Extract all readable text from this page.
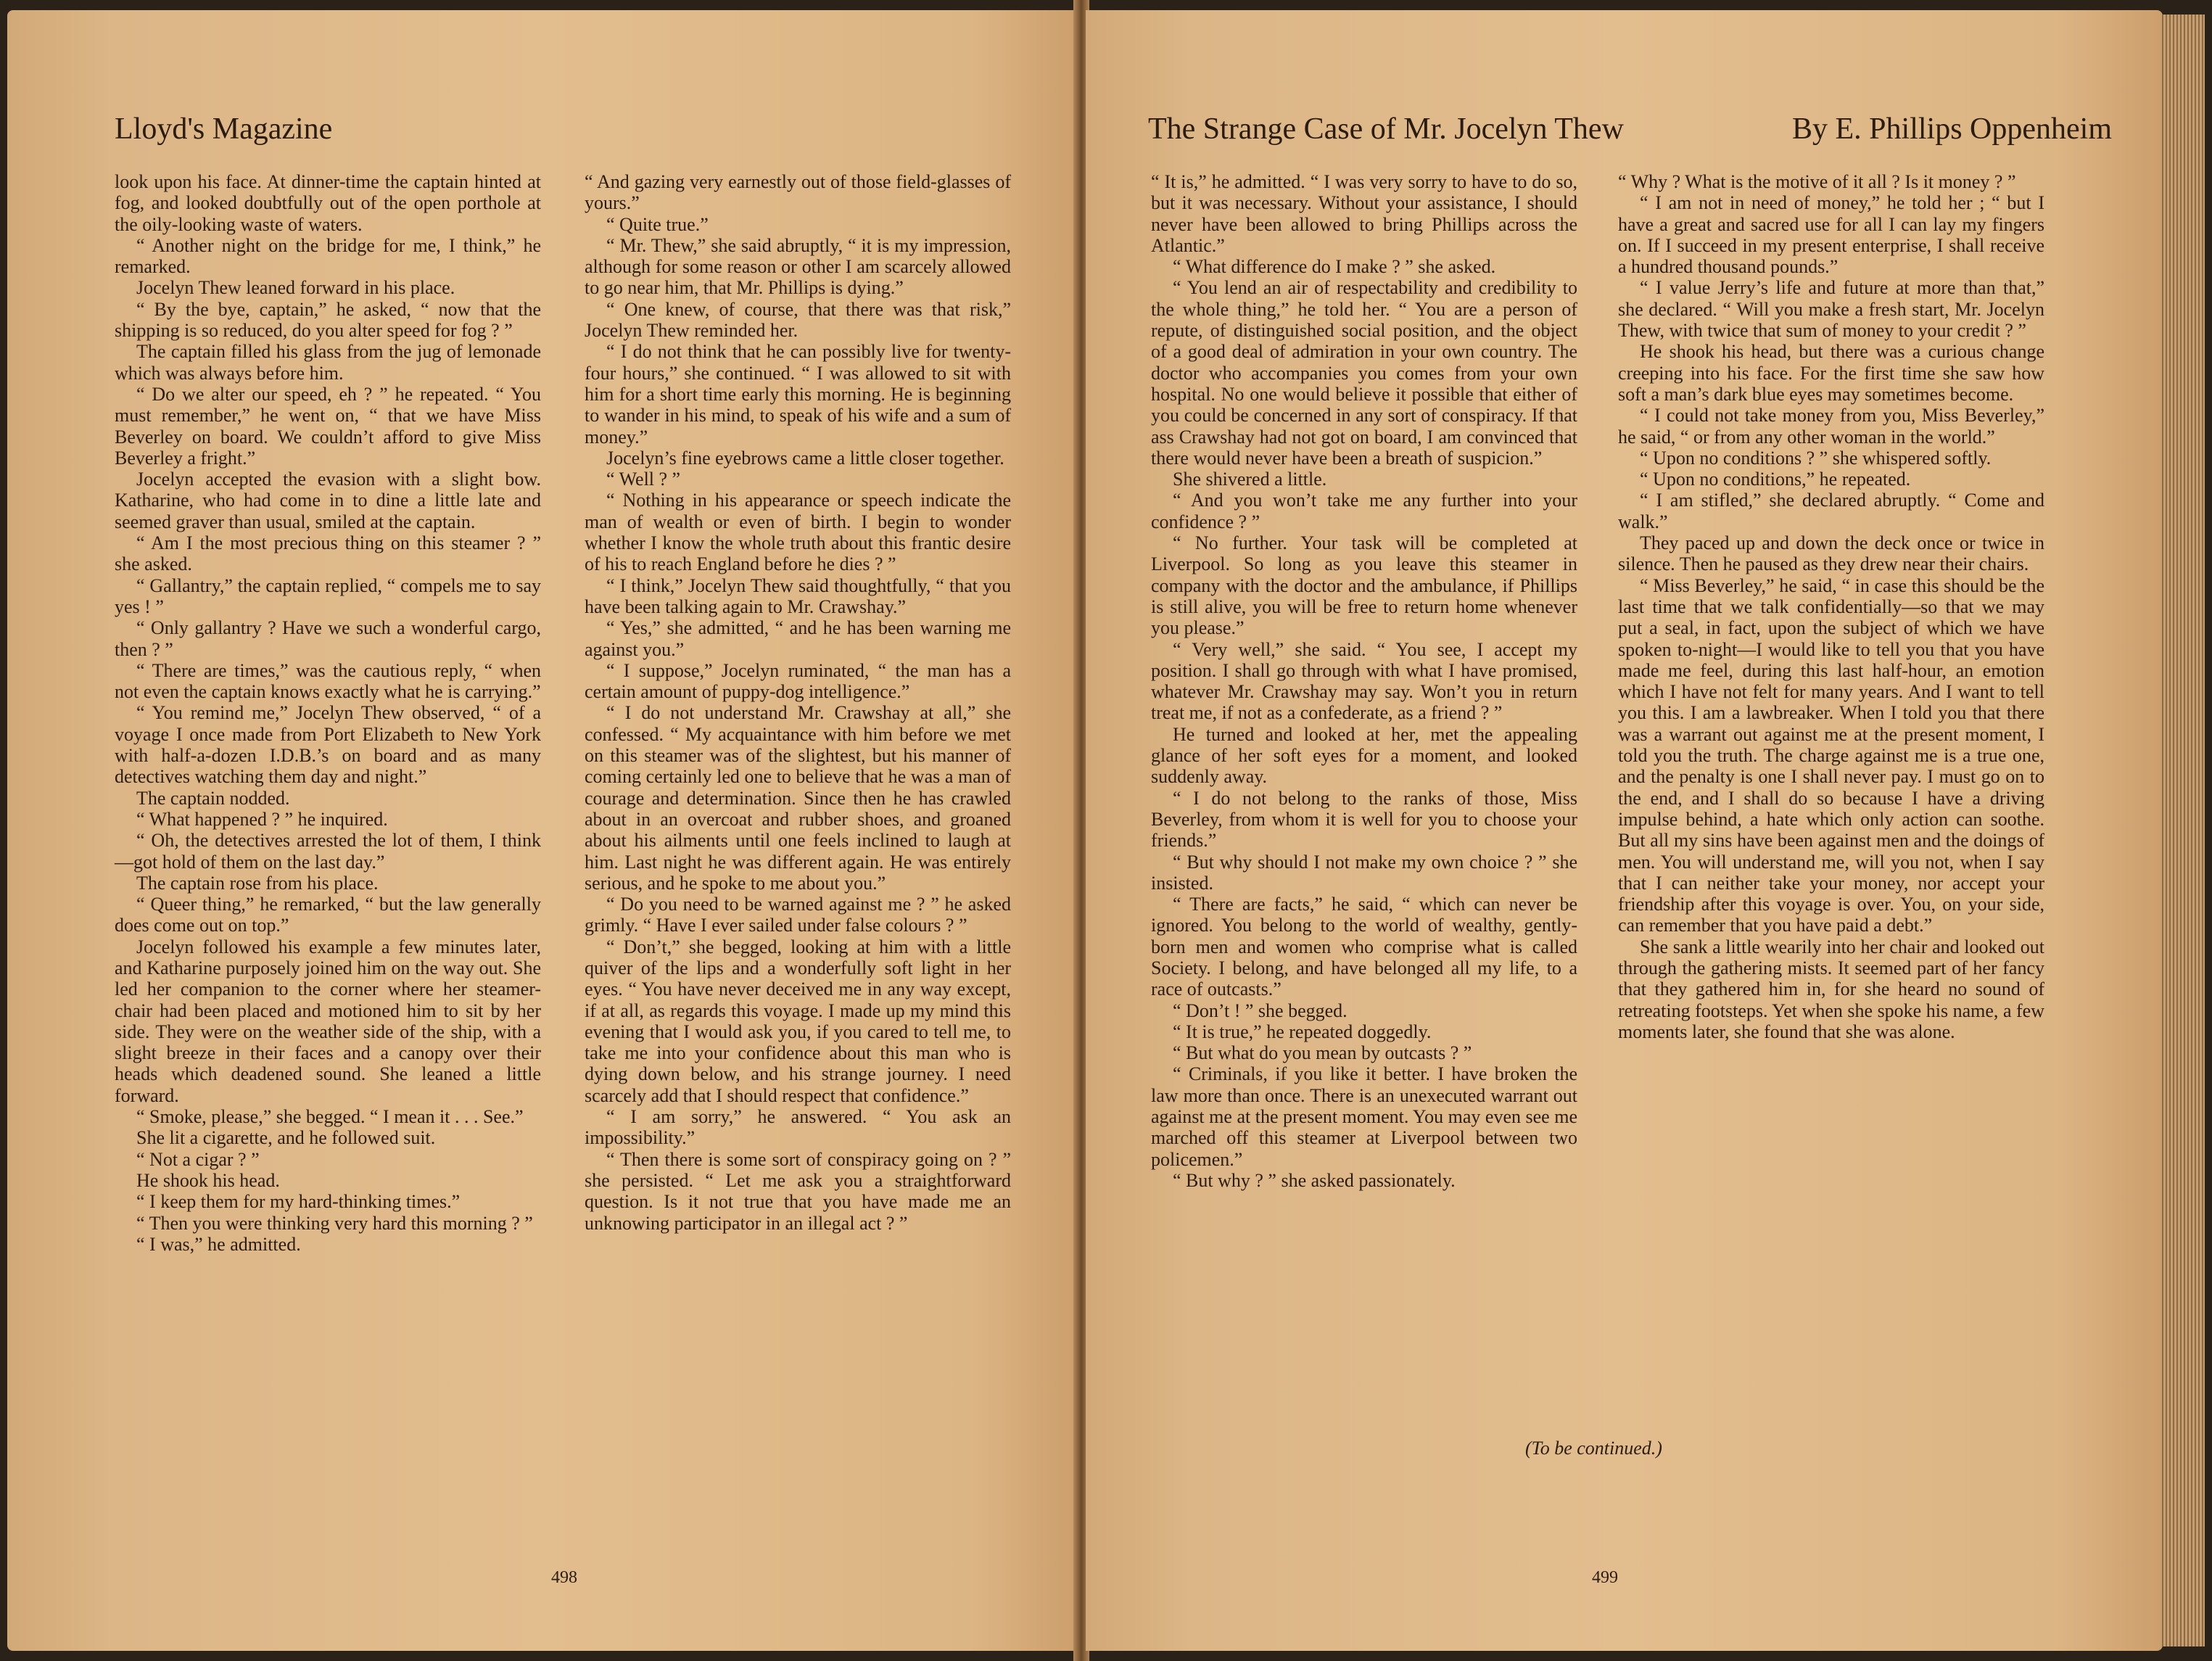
Lloyd's Magazine

look upon his face. At dinner-time the captain hinted at fog, and looked doubtfully out of the open porthole at the oily-looking waste of waters.

“ Another night on the bridge for me, I think,” he remarked.

Jocelyn Thew leaned forward in his place.

“ By the bye, captain,” he asked, “ now that the shipping is so reduced, do you alter speed for fog ? ”

The captain filled his glass from the jug of lemonade which was always before him.

“ Do we alter our speed, eh ? ” he repeated. “ You must remember,” he went on, “ that we have Miss Beverley on board. We couldn’t afford to give Miss Beverley a fright.”

Jocelyn accepted the evasion with a slight bow. Katharine, who had come in to dine a little late and seemed graver than usual, smiled at the captain.

“ Am I the most precious thing on this steamer ? ” she asked.

“ Gallantry,” the captain replied, “ compels me to say yes ! ”

“ Only gallantry ? Have we such a wonderful cargo, then ? ”

“ There are times,” was the cautious reply, “ when not even the captain knows exactly what he is carrying.”

“ You remind me,” Jocelyn Thew observed, “ of a voyage I once made from Port Elizabeth to New York with half-a-dozen I.D.B.’s on board and as many detectives watching them day and night.”

The captain nodded.

“ What happened ? ” he inquired.

“ Oh, the detectives arrested the lot of them, I think—got hold of them on the last day.”

The captain rose from his place.

“ Queer thing,” he remarked, “ but the law generally does come out on top.”

Jocelyn followed his example a few minutes later, and Katharine purposely joined him on the way out. She led her companion to the corner where her steamer-chair had been placed and motioned him to sit by her side. They were on the weather side of the ship, with a slight breeze in their faces and a canopy over their heads which deadened sound. She leaned a little forward.

“ Smoke, please,” she begged. “ I mean it . . . See.”

She lit a cigarette, and he followed suit.

“ Not a cigar ? ”

He shook his head.

“ I keep them for my hard-thinking times.”

“ Then you were thinking very hard this morning ? ”

“ I was,” he admitted.

“ And gazing very earnestly out of those field-glasses of yours.”

“ Quite true.”

“ Mr. Thew,” she said abruptly, “ it is my impression, although for some reason or other I am scarcely allowed to go near him, that Mr. Phillips is dying.”

“ One knew, of course, that there was that risk,” Jocelyn Thew reminded her.

“ I do not think that he can possibly live for twenty-four hours,” she continued. “ I was allowed to sit with him for a short time early this morning. He is beginning to wander in his mind, to speak of his wife and a sum of money.”

Jocelyn’s fine eyebrows came a little closer together.

“ Well ? ”

“ Nothing in his appearance or speech indicate the man of wealth or even of birth. I begin to wonder whether I know the whole truth about this frantic desire of his to reach England before he dies ? ”

“ I think,” Jocelyn Thew said thoughtfully, “ that you have been talking again to Mr. Crawshay.”

“ Yes,” she admitted, “ and he has been warning me against you.”

“ I suppose,” Jocelyn ruminated, “ the man has a certain amount of puppy-dog intelligence.”

“ I do not understand Mr. Crawshay at all,” she confessed. “ My acquaintance with him before we met on this steamer was of the slightest, but his manner of coming certainly led one to believe that he was a man of courage and determination. Since then he has crawled about in an overcoat and rubber shoes, and groaned about his ailments until one feels inclined to laugh at him. Last night he was different again. He was entirely serious, and he spoke to me about you.”

“ Do you need to be warned against me ? ” he asked grimly. “ Have I ever sailed under false colours ? ”

“ Don’t,” she begged, looking at him with a little quiver of the lips and a wonderfully soft light in her eyes. “ You have never deceived me in any way except, if at all, as regards this voyage. I made up my mind this evening that I would ask you, if you cared to tell me, to take me into your confidence about this man who is dying down below, and his strange journey. I need scarcely add that I should respect that confidence.”

“ I am sorry,” he answered. “ You ask an impossibility.”

“ Then there is some sort of conspiracy going on ? ” she persisted. “ Let me ask you a straightforward question. Is it not true that you have made me an unknowing participator in an illegal act ? ”

498
The Strange Case of Mr. Jocelyn Thew	By E. Phillips Oppenheim

“ It is,” he admitted. “ I was very sorry to have to do so, but it was necessary. Without your assistance, I should never have been allowed to bring Phillips across the Atlantic.”

“ What difference do I make ? ” she asked.

“ You lend an air of respectability and credibility to the whole thing,” he told her. “ You are a person of repute, of distinguished social position, and the object of a good deal of admiration in your own country. The doctor who accompanies you comes from your own hospital. No one would believe it possible that either of you could be concerned in any sort of conspiracy. If that ass Crawshay had not got on board, I am convinced that there would never have been a breath of suspicion.”

She shivered a little.

“ And you won’t take me any further into your confidence ? ”

“ No further. Your task will be completed at Liverpool. So long as you leave this steamer in company with the doctor and the ambulance, if Phillips is still alive, you will be free to return home whenever you please.”

“ Very well,” she said. “ You see, I accept my position. I shall go through with what I have promised, whatever Mr. Crawshay may say. Won’t you in return treat me, if not as a confederate, as a friend ? ”

He turned and looked at her, met the appealing glance of her soft eyes for a moment, and looked suddenly away.

“ I do not belong to the ranks of those, Miss Beverley, from whom it is well for you to choose your friends.”

“ But why should I not make my own choice ? ” she insisted.

“ There are facts,” he said, “ which can never be ignored. You belong to the world of wealthy, gently-born men and women who comprise what is called Society. I belong, and have belonged all my life, to a race of outcasts.”

“ Don’t ! ” she begged.

“ It is true,” he repeated doggedly.

“ But what do you mean by outcasts ? ”

“ Criminals, if you like it better. I have broken the law more than once. There is an unexecuted warrant out against me at the present moment. You may even see me marched off this steamer at Liverpool between two policemen.”

“ But why ? ” she asked passionately.

“ Why ? What is the motive of it all ? Is it money ? ”

“ I am not in need of money,” he told her ; “ but I have a great and sacred use for all I can lay my fingers on. If I succeed in my present enterprise, I shall receive a hundred thousand pounds.”

“ I value Jerry’s life and future at more than that,” she declared. “ Will you make a fresh start, Mr. Jocelyn Thew, with twice that sum of money to your credit ? ”

He shook his head, but there was a curious change creeping into his face. For the first time she saw how soft a man’s dark blue eyes may sometimes become.

“ I could not take money from you, Miss Beverley,” he said, “ or from any other woman in the world.”

“ Upon no conditions ? ” she whispered softly.

“ Upon no conditions,” he repeated.

“ I am stifled,” she declared abruptly. “ Come and walk.”

They paced up and down the deck once or twice in silence. Then he paused as they drew near their chairs.

“ Miss Beverley,” he said, “ in case this should be the last time that we talk confidentially—so that we may put a seal, in fact, upon the subject of which we have spoken to-night—I would like to tell you that you have made me feel, during this last half-hour, an emotion which I have not felt for many years. And I want to tell you this. I am a lawbreaker. When I told you that there was a warrant out against me at the present moment, I told you the truth. The charge against me is a true one, and the penalty is one I shall never pay. I must go on to the end, and I shall do so because I have a driving impulse behind, a hate which only action can soothe. But all my sins have been against men and the doings of men. You will understand me, will you not, when I say that I can neither take your money, nor accept your friendship after this voyage is over. You, on your side, can remember that you have paid a debt.”

She sank a little wearily into her chair and looked out through the gathering mists. It seemed part of her fancy that they gathered him in, for she heard no sound of retreating footsteps. Yet when she spoke his name, a few moments later, she found that she was alone.

(To be continued.)
499
